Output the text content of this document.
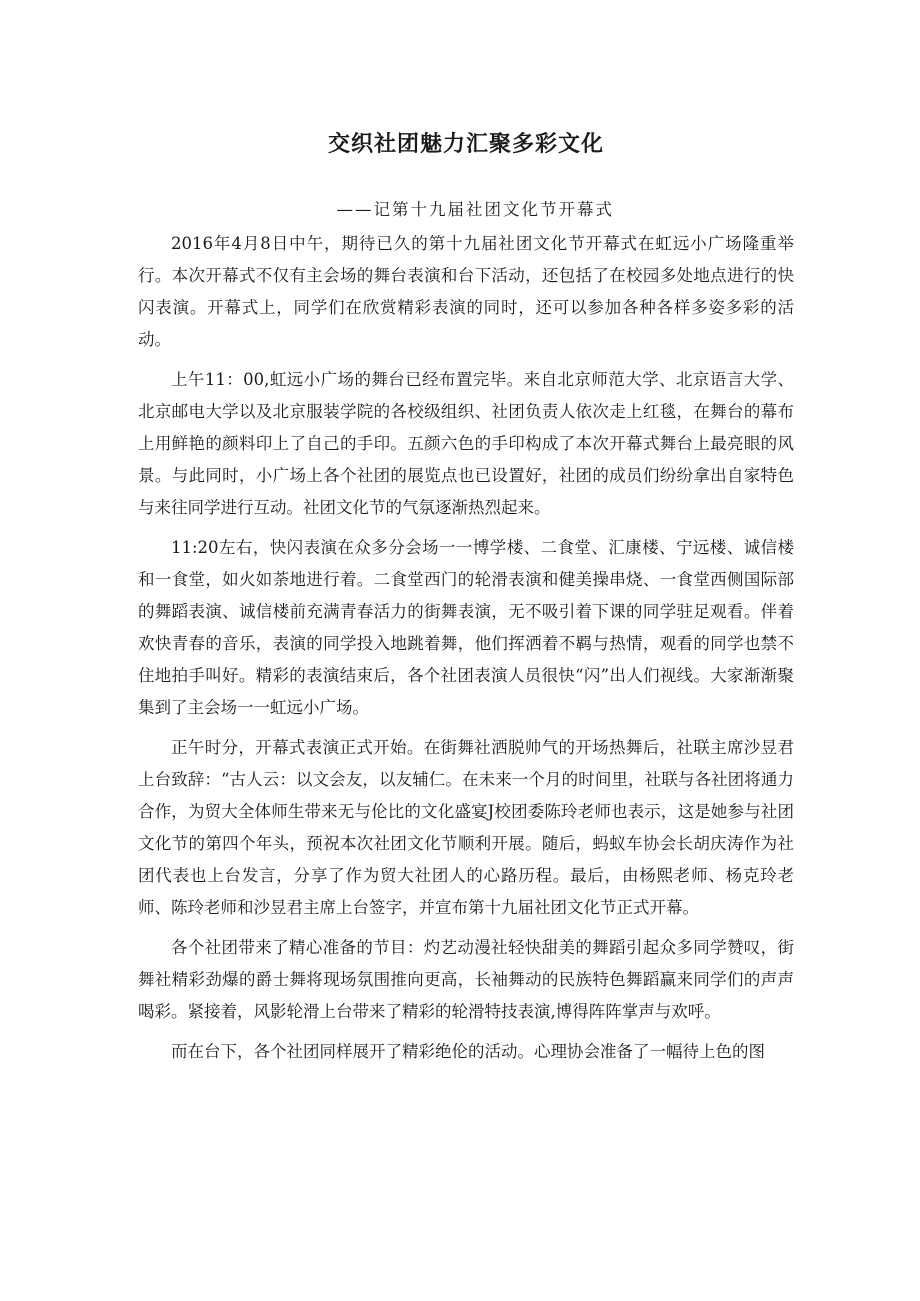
交织社团魅力汇聚多彩文化
——记第十九届社团文化节开幕式

2016年4月8日中午，期待已久的第十九届社团文化节开幕式在虹远小广场隆重举行。本次开幕式不仅有主会场的舞台表演和台下活动，还包括了在校园多处地点进行的快闪表演。开幕式上，同学们在欣赏精彩表演的同时，还可以参加各种各样多姿多彩的活动。

上午11：00,虹远小广场的舞台已经布置完毕。来自北京师范大学、北京语言大学、北京邮电大学以及北京服装学院的各校级组织、社团负责人依次走上红毯，在舞台的幕布上用鲜艳的颜料印上了自己的手印。五颜六色的手印构成了本次开幕式舞台上最亮眼的风景。与此同时，小广场上各个社团的展览点也已设置好，社团的成员们纷纷拿出自家特色与来往同学进行互动。社团文化节的气氛逐渐热烈起来。

11:20左右，快闪表演在众多分会场一一博学楼、二食堂、汇康楼、宁远楼、诚信楼和一食堂，如火如荼地进行着。二食堂西门的轮滑表演和健美操串烧、一食堂西侧国际部的舞蹈表演、诚信楼前充满青春活力的街舞表演，无不吸引着下课的同学驻足观看。伴着欢快青春的音乐，表演的同学投入地跳着舞，他们挥洒着不羁与热情，观看的同学也禁不住地拍手叫好。精彩的表演结束后，各个社团表演人员很快“闪”出人们视线。大家渐渐聚集到了主会场一一虹远小广场。

正午时分，开幕式表演正式开始。在街舞社洒脱帅气的开场热舞后，社联主席沙昱君上台致辞：“古人云：以文会友，以友辅仁。在未来一个月的时间里，社联与各社团将通力合作，为贸大全体师生带来无与伦比的文化盛宴J校团委陈玲老师也表示，这是她参与社团文化节的第四个年头，预祝本次社团文化节顺利开展。随后，蚂蚁车协会长胡庆涛作为社团代表也上台发言，分享了作为贸大社团人的心路历程。最后，由杨熙老师、杨克玲老师、陈玲老师和沙昱君主席上台签字，并宣布第十九届社团文化节正式开幕。

各个社团带来了精心准备的节目：灼艺动漫社轻快甜美的舞蹈引起众多同学赞叹，街舞社精彩劲爆的爵士舞将现场氛围推向更高，长袖舞动的民族特色舞蹈赢来同学们的声声喝彩。紧接着，风影轮滑上台带来了精彩的轮滑特技表演,博得阵阵掌声与欢呼。

而在台下，各个社团同样展开了精彩绝伦的活动。心理协会准备了一幅待上色的图
